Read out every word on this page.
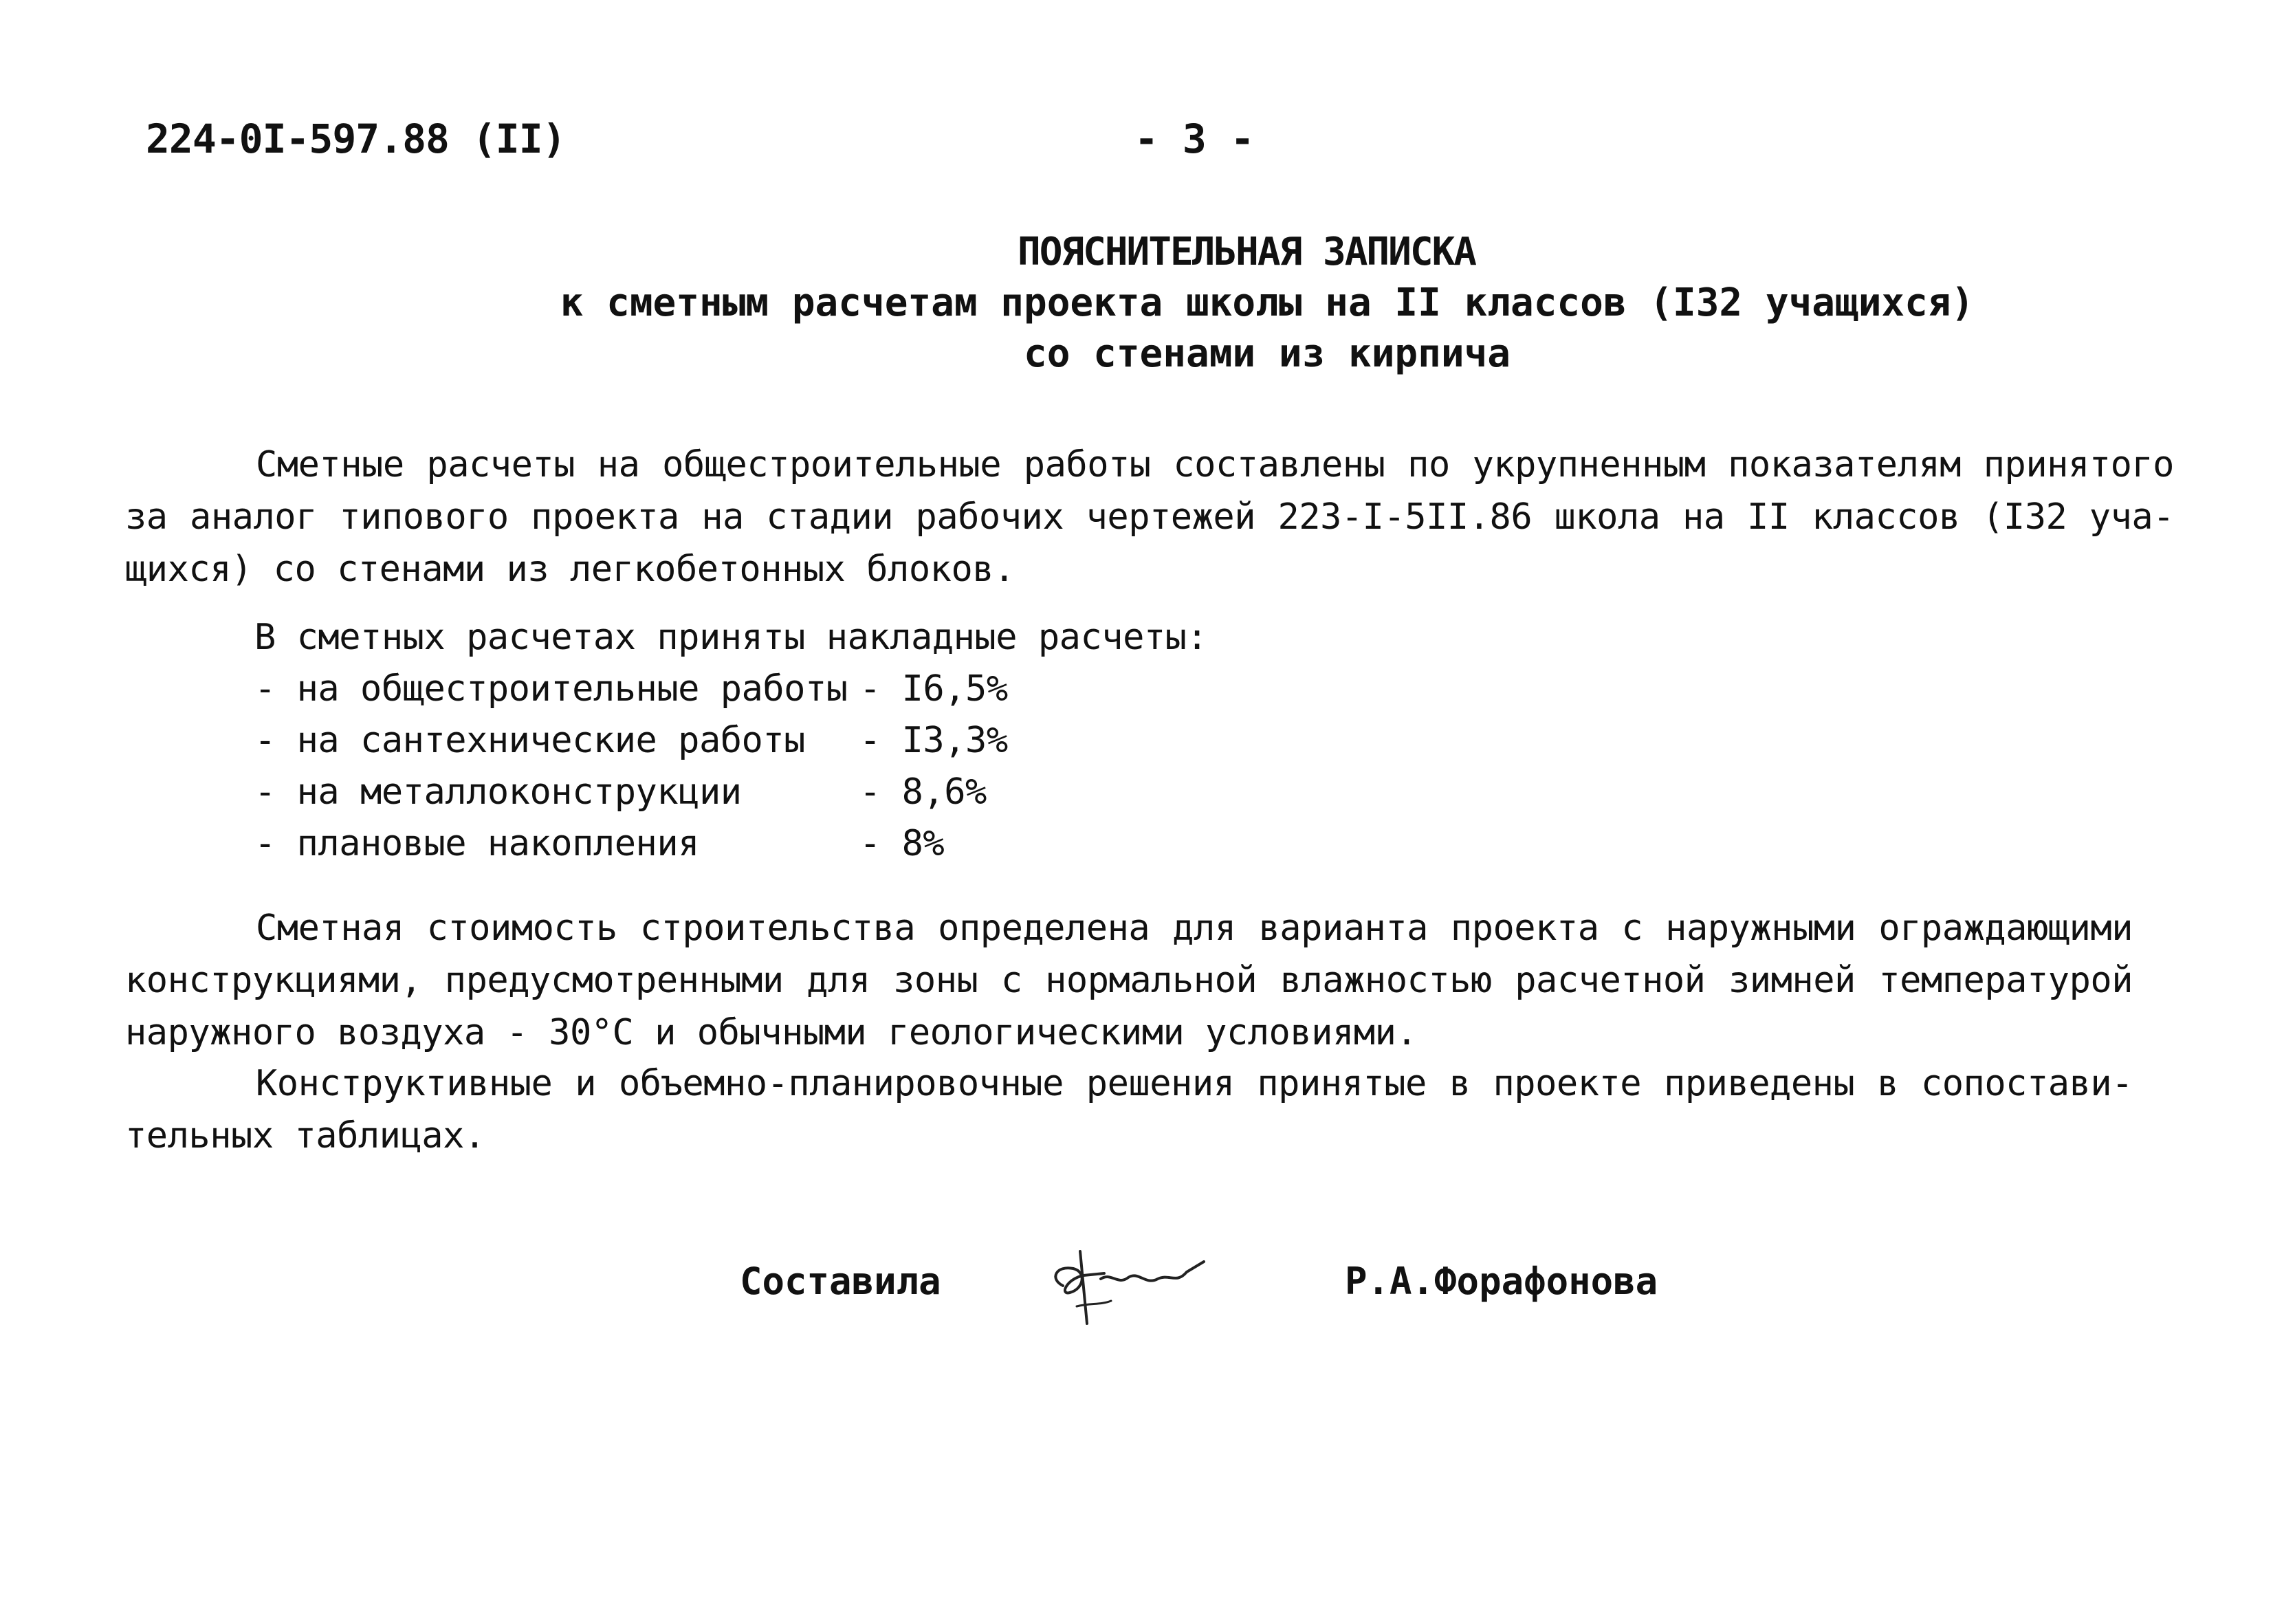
224-0I-597.88 (II)	- 3 -
ПОЯСНИТЕЛЬНАЯ ЗАПИСКА
к сметным расчетам проекта школы на II классов (I32 учащихся)
со стенами из кирпича
Сметные расчеты на общестроительные работы составлены по укрупненным показателям принятого за аналог типового проекта на стадии рабочих чертежей 223-I-5II.86 школа на II классов (I32 уча-щихся) со стенами из легкобетонных блоков.
В сметных расчетах приняты накладные расчеты:
- на общестроительные работы - I6,5%
- на сантехнические работы	- I3,3%
- на металлоконструкции	- 8,6%
- плановые накопления	- 8%
Сметная стоимость строительства определена для варианта проекта с наружными ограждающими конструкциями, предусмотренными для зоны с нормальной влажностью расчетной зимней температурой наружного воздуха - 30°С и обычными геологическими условиями.
Конструктивные и объемно-планировочные решения принятые в проекте приведены в сопостави-тельных таблицах.
Составила	Р.А.Форафонова
